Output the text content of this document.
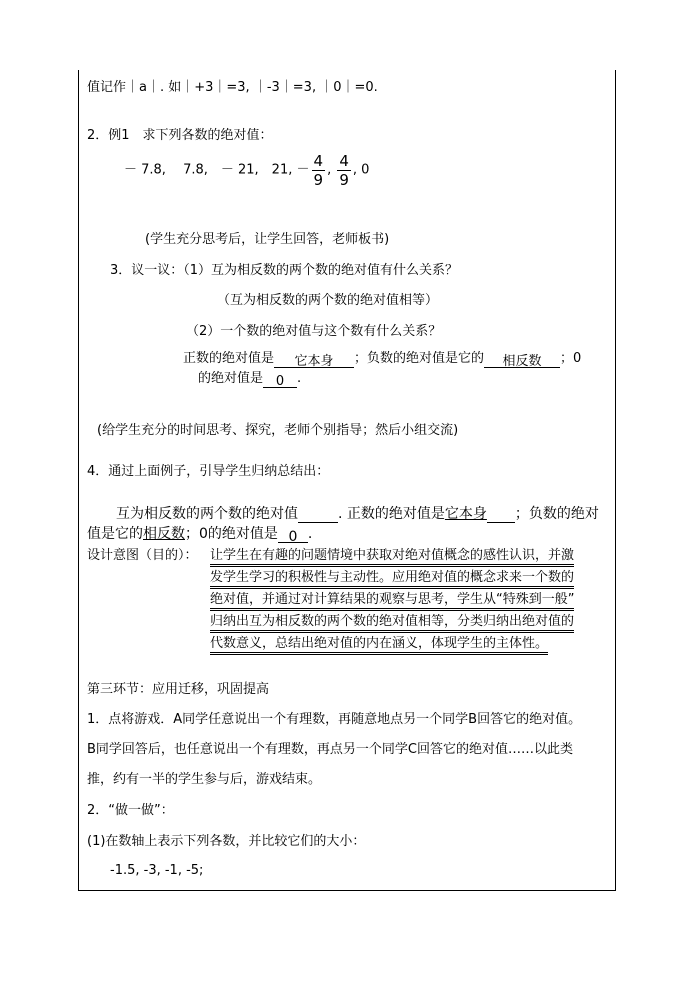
值记作｜a｜. 如｜+3｜=3, ｜-3｜=3, ｜0｜=0.
2．例1　求下列各数的绝对值：
－ 7.8,　 7.8,　－ 21,　21, － $\frac{4}{9}$ , $\frac{4}{9}$ , 0
(学生充分思考后，让学生回答，老师板书)
3．议一议：（1）互为相反数的两个数的绝对值有什么关系？
（互为相反数的两个数的绝对值相等）
（2）一个数的绝对值与这个数有什么关系？
正数的绝对值是 它本身 ；负数的绝对值是它的 相反数 ；0
的绝对值是 0 .
(给学生充分的时间思考、探究，老师个别指导；然后小组交流)
4．通过上面例子，引导学生归纳总结出：
互为相反数的两个数的绝对值	. 正数的绝对值是它本身 ；负数的绝对
值是它的相反数；0的绝对值是 0 .
设计意图（目的）： 让学生在有趣的问题情境中获取对绝对值概念的感性认识，并激
发学生学习的积极性与主动性。应用绝对值的概念求来一个数的
绝对值，并通过对计算结果的观察与思考，学生从“特殊到一般”
归纳出互为相反数的两个数的绝对值相等，分类归纳出绝对值的
代数意义，总结出绝对值的内在涵义，体现学生的主体性。
第三环节：应用迁移，巩固提高
1．点将游戏．A同学任意说出一个有理数，再随意地点另一个同学B回答它的绝对值。
B同学回答后，也任意说出一个有理数，再点另一个同学C回答它的绝对值……以此类
推，约有一半的学生参与后，游戏结束。
2．“做一做”：
(1)在数轴上表示下列各数，并比较它们的大小：
-1.5, -3, -1, -5;
